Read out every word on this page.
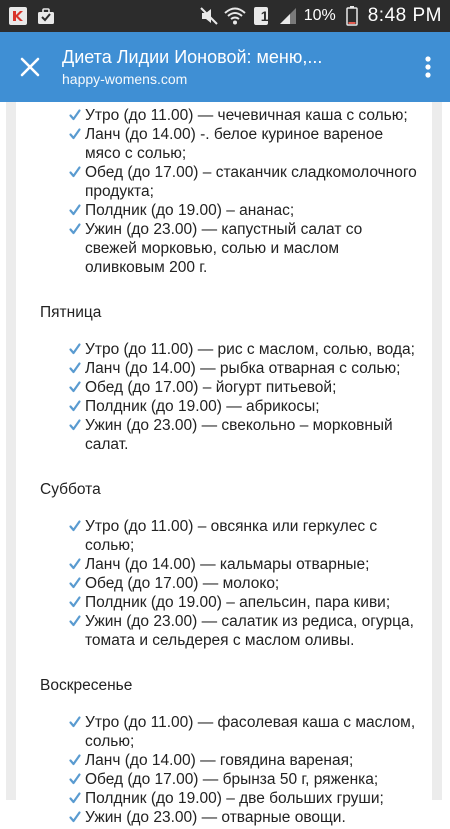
1 10% 8:48 PM
Диета Лидии Ионовой: меню,...
happy-womens.com
Утро (до 11.00) — чечевичная каша с солью;
Ланч (до 14.00) -. белое куриное вареное мясо с солью;
Обед (до 17.00) – стаканчик сладкомолочного продукта;
Полдник (до 19.00) – ананас;
Ужин (до 23.00) — капустный салат со свежей морковью, солью и маслом оливковым 200 г.
Пятница
Утро (до 11.00) — рис с маслом, солью, вода;
Ланч (до 14.00) — рыбка отварная с солью;
Обед (до 17.00) – йогурт питьевой;
Полдник (до 19.00) — абрикосы;
Ужин (до 23.00) — свекольно – морковный салат.
Суббота
Утро (до 11.00) – овсянка или геркулес с солью;
Ланч (до 14.00) — кальмары отварные;
Обед (до 17.00) — молоко;
Полдник (до 19.00) – апельсин, пара киви;
Ужин (до 23.00) — салатик из редиса, огурца, томата и сельдерея с маслом оливы.
Воскресенье
Утро (до 11.00) — фасолевая каша с маслом, солью;
Ланч (до 14.00) — говядина вареная;
Обед (до 17.00) — брынза 50 г, ряженка;
Полдник (до 19.00) – две больших груши;
Ужин (до 23.00) — отварные овощи.
